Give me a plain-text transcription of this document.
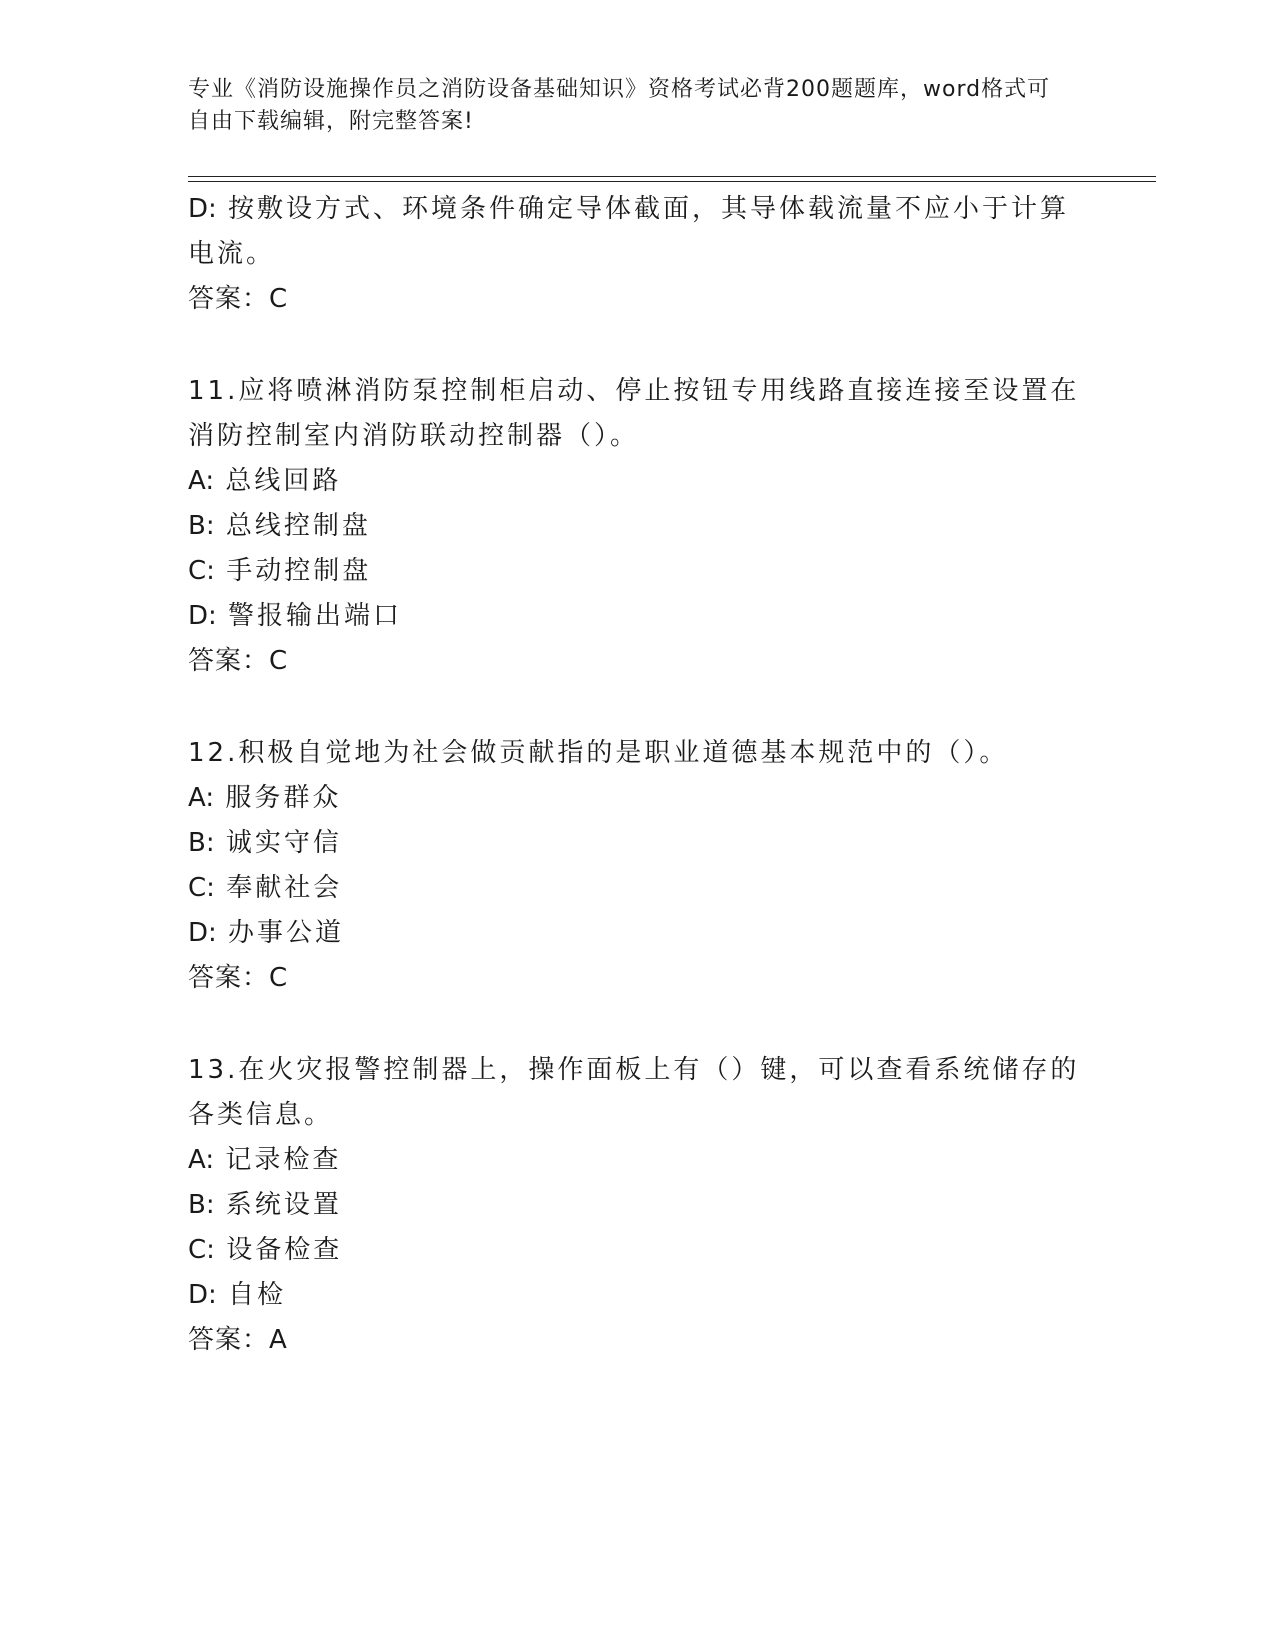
专业《消防设施操作员之消防设备基础知识》资格考试必背200题题库，word格式可自由下载编辑，附完整答案!

D: 按敷设方式、环境条件确定导体截面，其导体载流量不应小于计算电流。

答案：C

11.应将喷淋消防泵控制柜启动、停止按钮专用线路直接连接至设置在消防控制室内消防联动控制器（）。

A: 总线回路

B: 总线控制盘

C: 手动控制盘

D: 警报输出端口

答案：C

12.积极自觉地为社会做贡献指的是职业道德基本规范中的（）。

A: 服务群众

B: 诚实守信

C: 奉献社会

D: 办事公道

答案：C

13.在火灾报警控制器上，操作面板上有（）键，可以查看系统储存的各类信息。

A: 记录检查

B: 系统设置

C: 设备检查

D: 自检

答案：A
